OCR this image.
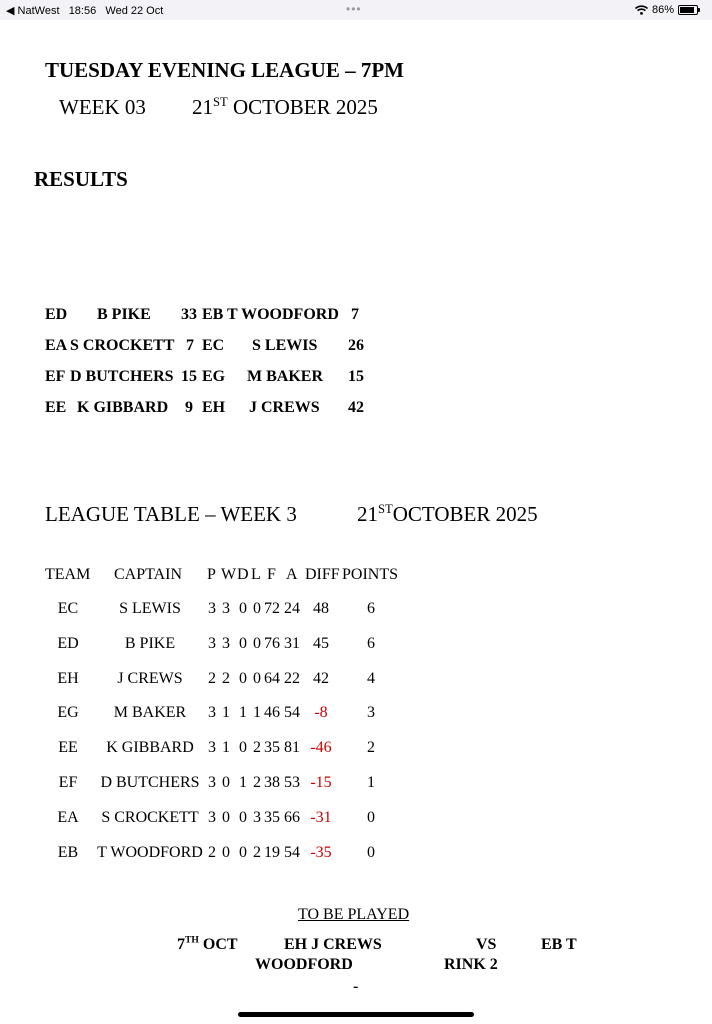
◀ NatWest 18:56 Wed 22 Oct	•••	86%
TUESDAY EVENING LEAGUE – 7PM
WEEK 03 21ST OCTOBER 2025
RESULTS
ED B PIKE 33 EB T WOODFORD 7
EA S CROCKETT 7 EC S LEWIS 26
EF D BUTCHERS 15 EG M BAKER 15
EE K GIBBARD 9 EH J CREWS 42
LEAGUE TABLE – WEEK 3	21STOCTOBER 2025
TEAM CAPTAIN P W D L F A DIFF POINTS
EC	S LEWIS 3 3 0 0 72 24 48 6
ED	B PIKE 3 3 0 0 76 31 45 6
EH J CREWS 2 2 0 0 64 22 42 4
EG M BAKER 3 1 1 1 46 54 -8 3
EE K GIBBARD 3 1 0 2 35 81 -46 2
EF D BUTCHERS 3 0 1 2 38 53 -15 1
EA S CROCKETT 3 0 0 3 35 66 -31 0
EB T WOODFORD 2 0 0 2 19 54 -35 0
TO BE PLAYED
7TH OCT	EH J CREWS	VS	EB T
WOODFORD	RINK 2
-
